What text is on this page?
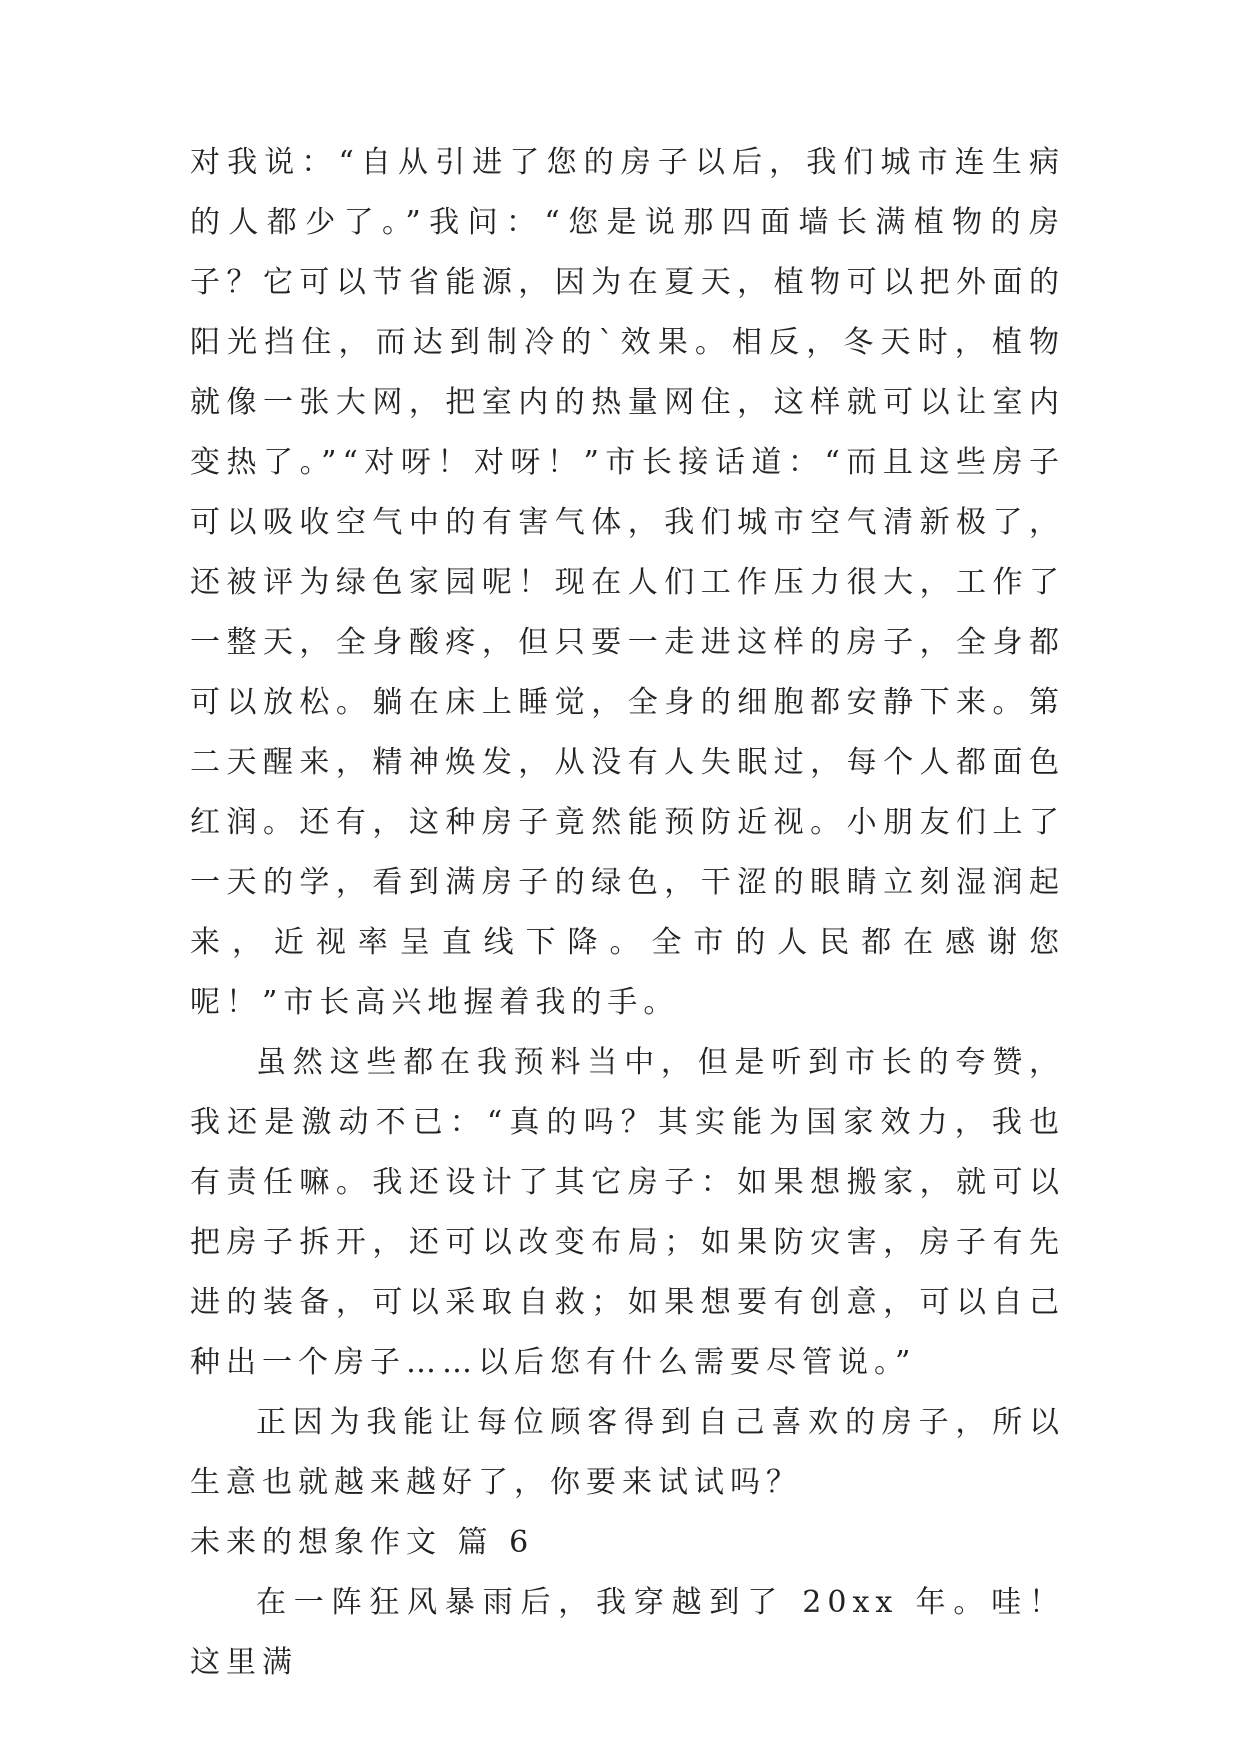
对我说：“自从引进了您的房子以后，我们城市连生病的人都少了。”我问：“您是说那四面墙长满植物的房子？它可以节省能源，因为在夏天，植物可以把外面的阳光挡住，而达到制冷的`效果。相反，冬天时，植物就像一张大网，把室内的热量网住，这样就可以让室内变热了。”“对呀！对呀！”市长接话道：“而且这些房子可以吸收空气中的有害气体，我们城市空气清新极了，还被评为绿色家园呢！现在人们工作压力很大，工作了一整天，全身酸疼，但只要一走进这样的房子，全身都可以放松。躺在床上睡觉，全身的细胞都安静下来。第二天醒来，精神焕发，从没有人失眠过，每个人都面色红润。还有，这种房子竟然能预防近视。小朋友们上了一天的学，看到满房子的绿色，干涩的眼睛立刻湿润起来，近视率呈直线下降。全市的人民都在感谢您呢！”市长高兴地握着我的手。

虽然这些都在我预料当中，但是听到市长的夸赞，我还是激动不已：“真的吗？其实能为国家效力，我也有责任嘛。我还设计了其它房子：如果想搬家，就可以把房子拆开，还可以改变布局；如果防灾害，房子有先进的装备，可以采取自救；如果想要有创意，可以自己种出一个房子……以后您有什么需要尽管说。”

正因为我能让每位顾客得到自己喜欢的房子，所以生意也就越来越好了，你要来试试吗？

未来的想象作文 篇 6

在一阵狂风暴雨后，我穿越到了 20xx 年。哇！这里满
